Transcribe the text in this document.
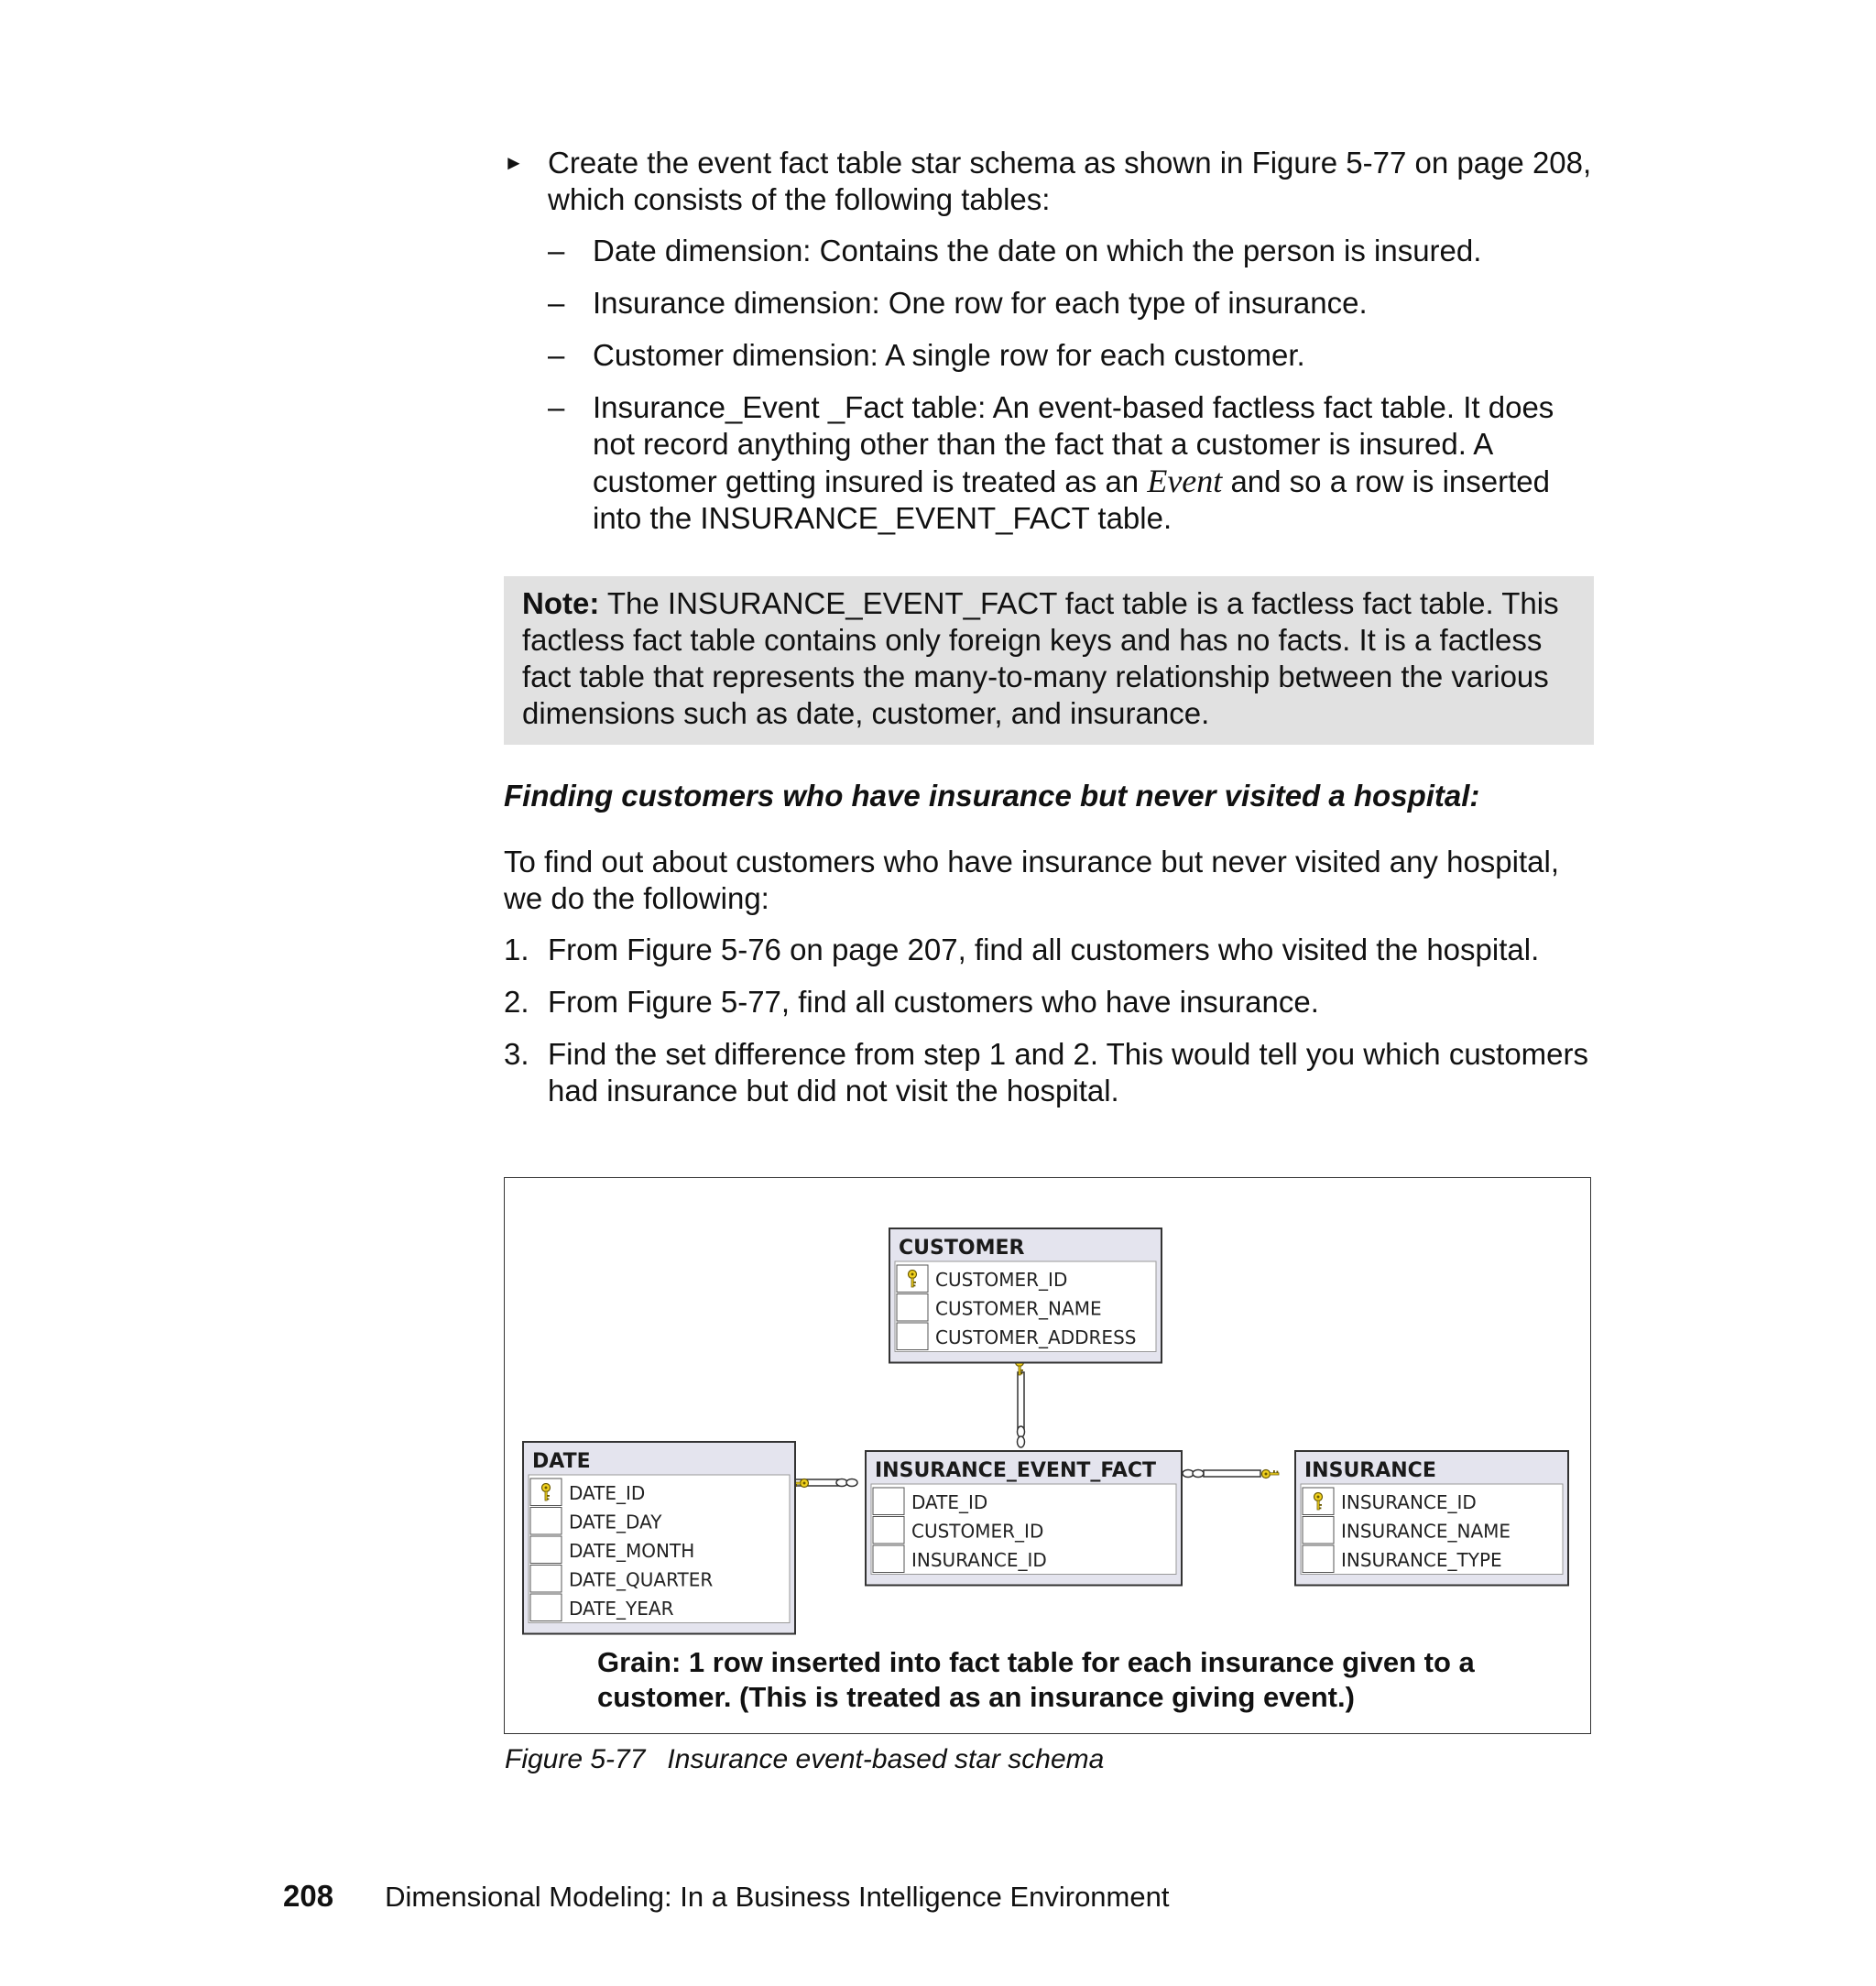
► Create the event fact table star schema as shown in Figure 5-77 on page 208, which consists of the following tables:
– Date dimension: Contains the date on which the person is insured.
– Insurance dimension: One row for each type of insurance.
– Customer dimension: A single row for each customer.
– Insurance_Event _Fact table: An event-based factless fact table. It does not record anything other than the fact that a customer is insured. A customer getting insured is treated as an Event and so a row is inserted into the INSURANCE_EVENT_FACT table.
Note: The INSURANCE_EVENT_FACT fact table is a factless fact table. This factless fact table contains only foreign keys and has no facts. It is a factless fact table that represents the many-to-many relationship between the various dimensions such as date, customer, and insurance.
Finding customers who have insurance but never visited a hospital:
To find out about customers who have insurance but never visited any hospital, we do the following:
1. From Figure 5-76 on page 207, find all customers who visited the hospital.
2. From Figure 5-77, find all customers who have insurance.
3. Find the set difference from step 1 and 2. This would tell you which customers had insurance but did not visit the hospital.
CUSTOMER
CUSTOMER_ID
CUSTOMER_NAME
CUSTOMER_ADDRESS
DATE
DATE_ID
DATE_DAY
DATE_MONTH
DATE_QUARTER
DATE_YEAR
INSURANCE_EVENT_FACT
DATE_ID
CUSTOMER_ID
INSURANCE_ID
INSURANCE
INSURANCE_ID
INSURANCE_NAME
INSURANCE_TYPE
Grain: 1 row inserted into fact table for each insurance given to a customer. (This is treated as an insurance giving event.)
Figure 5-77 Insurance event-based star schema
208 Dimensional Modeling: In a Business Intelligence Environment
